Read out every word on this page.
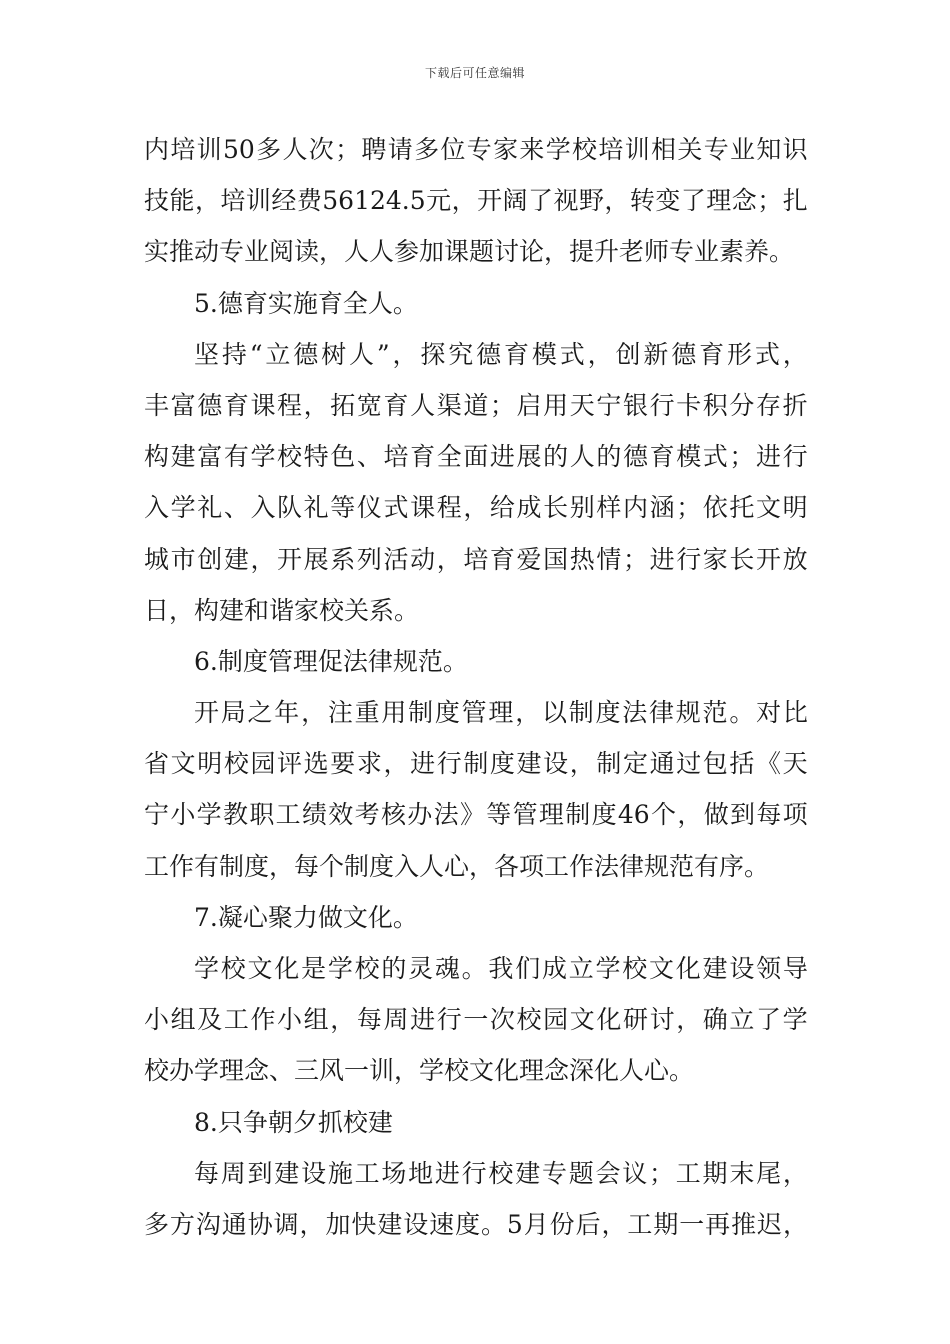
下载后可任意编辑
内 培 训 50 多 人 次 ； 聘 请 多 位 专 家 来 学 校 培 训 相 关 专 业 知 识
技 能 ， 培 训 经 费 56124.5 元 ， 开 阔 了 视 野 ， 转 变 了 理 念 ； 扎
实推动专业阅读，人人参加课题讨论，提升老师专业素养。
5.德育实施育全人。
坚 持 “ 立 德 树 人 ” ， 探 究 德 育 模 式 ， 创 新 德 育 形 式 ，
丰 富 德 育 课 程 ， 拓 宽 育 人 渠 道 ； 启 用 天 宁 银 行 卡 积 分 存 折
构 建 富 有 学 校 特 色 、 培 育 全 面 进 展 的 人 的 德 育 模 式 ； 进 行
入 学 礼 、 入 队 礼 等 仪 式 课 程 ， 给 成 长 别 样 内 涵 ； 依 托 文 明
城 市 创 建 ， 开 展 系 列 活 动 ， 培 育 爱 国 热 情 ； 进 行 家 长 开 放
日，构建和谐家校关系。
6.制度管理促法律规范。
开 局 之 年 ， 注 重 用 制 度 管 理 ， 以 制 度 法 律 规 范 。 对 比
省 文 明 校 园 评 选 要 求 ， 进 行 制 度 建 设 ， 制 定 通 过 包 括 《 天
宁 小 学 教 职 工 绩 效 考 核 办 法 》 等 管 理 制 度 46 个 ， 做 到 每 项
工作有制度，每个制度入人心，各项工作法律规范有序。
7.凝心聚力做文化。
学 校 文 化 是 学 校 的 灵 魂 。 我 们 成 立 学 校 文 化 建 设 领 导
小 组 及 工 作 小 组 ， 每 周 进 行 一 次 校 园 文 化 研 讨 ， 确 立 了 学
校办学理念、三风一训，学校文化理念深化人心。
8.只争朝夕抓校建
每 周 到 建 设 施 工 场 地 进 行 校 建 专 题 会 议 ； 工 期 末 尾 ，
多 方 沟 通 协 调 ， 加 快 建 设 速 度 。 5 月 份 后 ， 工 期 一 再 推 迟 ，
